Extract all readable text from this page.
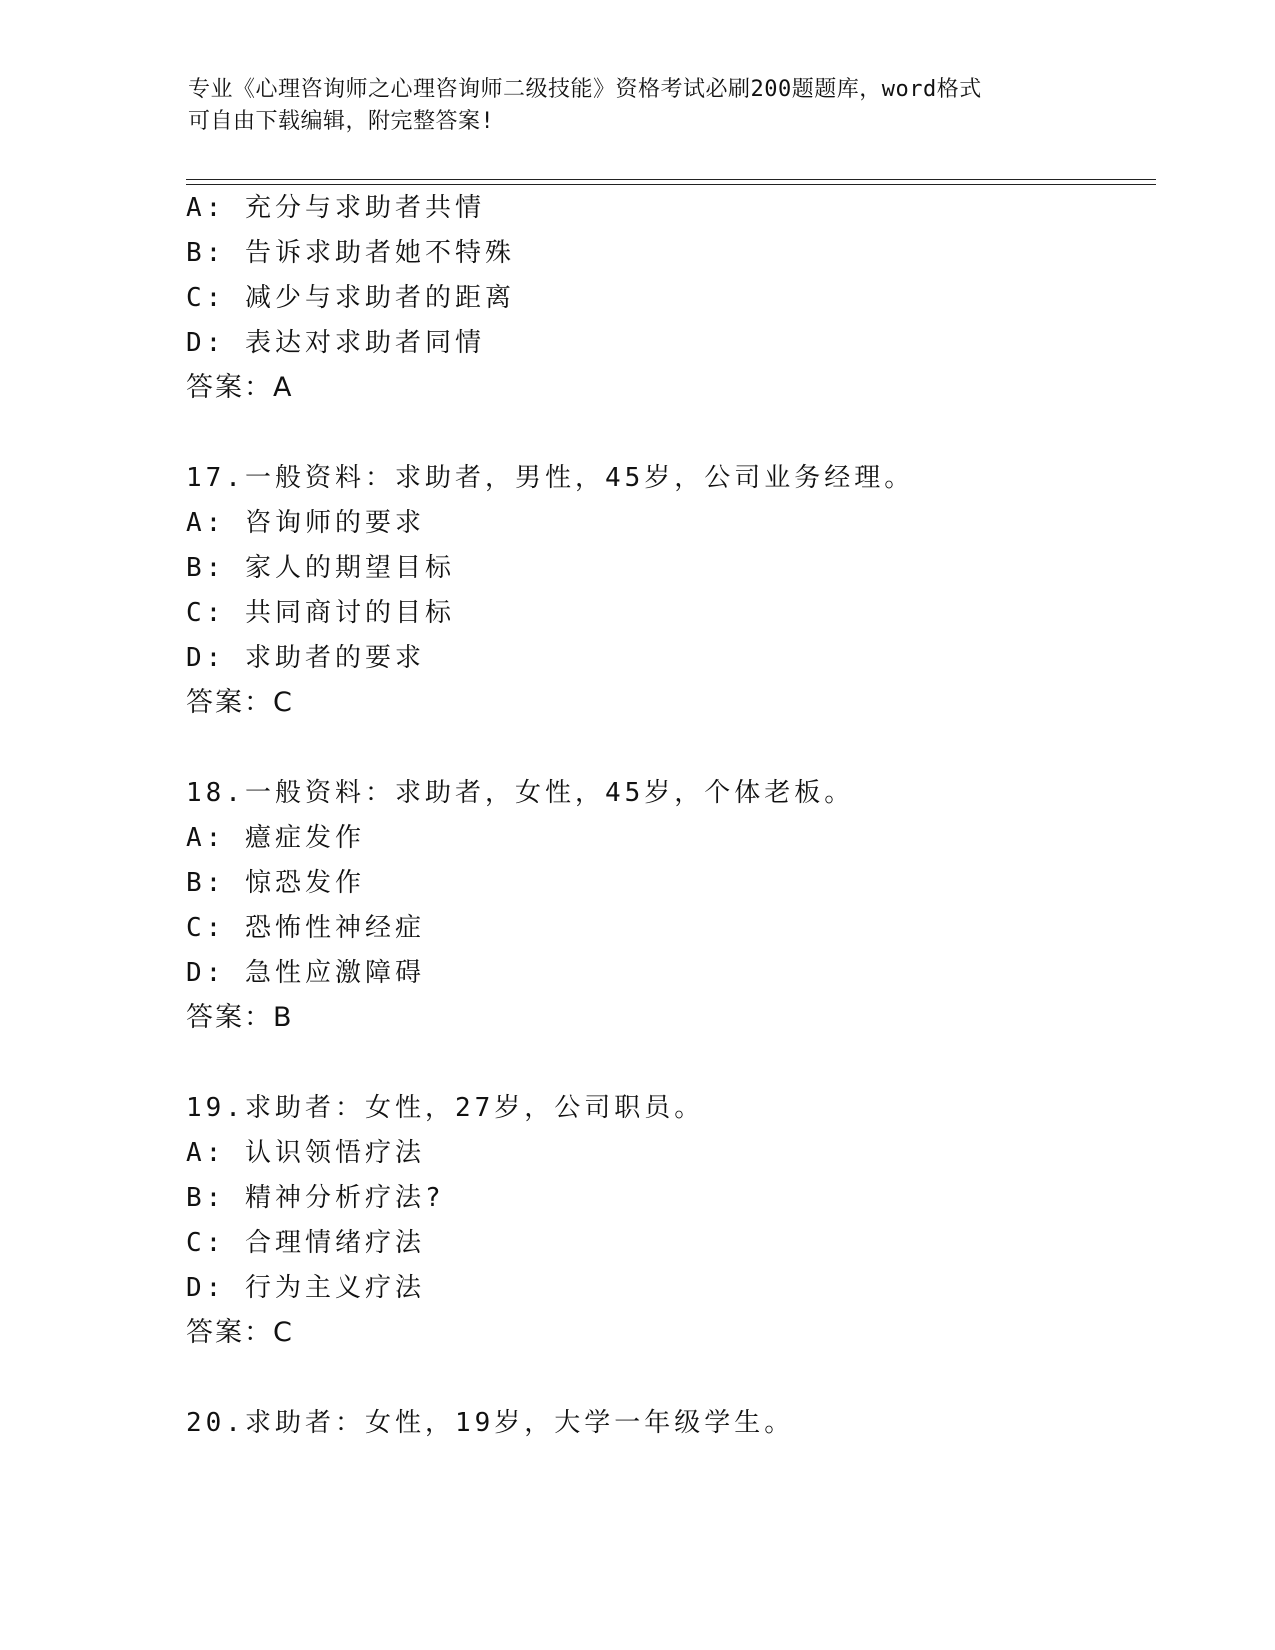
专业《心理咨询师之心理咨询师二级技能》资格考试必刷200题题库，word格式
可自由下载编辑，附完整答案!
A: 充分与求助者共情
B: 告诉求助者她不特殊
C: 减少与求助者的距离
D: 表达对求助者同情
答案：A
17.一般资料：求助者，男性，45岁，公司业务经理。
A: 咨询师的要求
B: 家人的期望目标
C: 共同商讨的目标
D: 求助者的要求
答案：C
18.一般资料：求助者，女性，45岁，个体老板。
A: 癔症发作
B: 惊恐发作
C: 恐怖性神经症
D: 急性应激障碍
答案：B
19.求助者：女性，27岁，公司职员。
A: 认识领悟疗法
B: 精神分析疗法?
C: 合理情绪疗法
D: 行为主义疗法
答案：C
20.求助者：女性，19岁，大学一年级学生。
